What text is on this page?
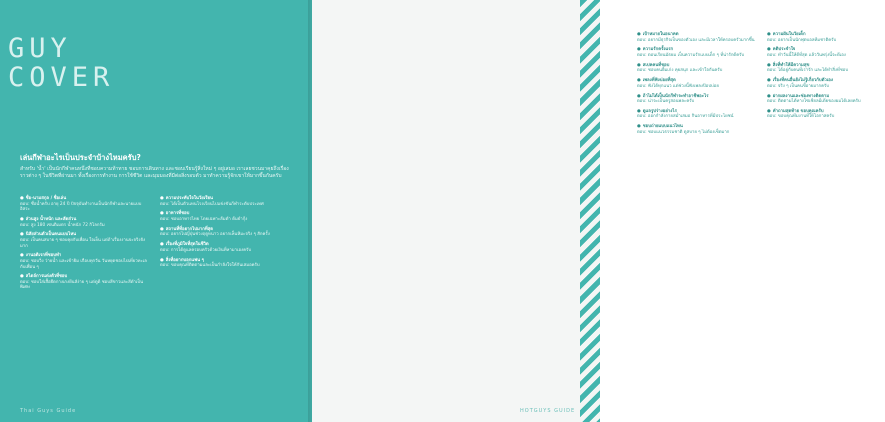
GUY
COVER
เล่นกีฬาอะไรเป็นประจำบ้างไหมครับ?

สำหรับ 'น้ำ' เป็นนักกีฬาคนหนึ่งที่ชอบความท้าทาย ชอบการเดินทาง และชอบเรียนรู้สิ่งใหม่ ๆ อยู่เสมอ เราเลยชวนมาคุยถึงเรื่องราวต่าง ๆ ในชีวิตที่ผ่านมา ทั้งเรื่องการทำงาน การใช้ชีวิต และมุมมองที่มีต่อสิ่งรอบตัว มาทำความรู้จักเขาให้มากขึ้นกันครับ

● ชื่อ-นามสกุล / ชื่อเล่น
ตอบ: ชื่อน้ำครับ อายุ 24 ปี ปัจจุบันทำงานเป็นนักกีฬาและนายแบบอิสระ
● ส่วนสูง น้ำหนัก และสัดส่วน
ตอบ: สูง 180 เซนติเมตร น้ำหนัก 72 กิโลกรัม
● นิสัยส่วนตัวเป็นคนแบบไหน
ตอบ: เป็นคนสบาย ๆ ชอบคุยกับเพื่อน ใจเย็น แต่ถ้าเรื่องงานจะจริงจังมาก
● งานอดิเรกที่ชอบทำ
ตอบ: ชอบวิ่ง ว่ายน้ำ และเข้ายิม เกือบทุกวัน วันหยุดชอบไปเที่ยวทะเลกับเพื่อน ๆ
● สไตล์การแต่งตัวที่ชอบ
ตอบ: ชอบใส่เสื้อยืดกางเกงยีนส์ง่าย ๆ แต่ดูดี ชอบสีขาวและสีดำเป็นพิเศษ
● ความประทับใจในวัยเรียน
ตอบ: ได้เป็นตัวแทนโรงเรียนไปแข่งขันกีฬาระดับประเทศ
● อาหารที่ชอบ
ตอบ: ชอบอาหารไทย โดยเฉพาะส้มตำ ต้มยำกุ้ง
● สถานที่ที่อยากไปมากที่สุด
ตอบ: อยากไปญี่ปุ่นช่วงฤดูหนาว อยากเห็นหิมะจริง ๆ สักครั้ง
● เรื่องที่ภูมิใจที่สุดในชีวิต
ตอบ: การได้ดูแลครอบครัวด้วยเงินที่หามาเองครับ
● สิ่งที่อยากบอกแฟน ๆ
ตอบ: ขอบคุณที่ติดตามและเป็นกำลังใจให้กันเสมอครับ
Thai Guys Guide
● เป้าหมายในอนาคต
ตอบ: อยากมีธุรกิจเป็นของตัวเอง และมีเวลาให้ครอบครัวมากขึ้น
● ความรักครั้งแรก
ตอบ: ตอนเรียนมัธยม เป็นความรักแบบเด็ก ๆ ที่น่ารักดีครับ
● สเปคคนที่ชอบ
ตอบ: ชอบคนยิ้มเก่ง คุยสนุก และเข้าใจกันครับ
● เพลงที่ฟังบ่อยที่สุด
ตอบ: ฟังได้ทุกแนว แต่ช่วงนี้ฟังเพลงป๊อปบ่อย
● ถ้าไม่ได้เป็นนักกีฬาจะทำอาชีพอะไร
ตอบ: น่าจะเป็นครูสอนพละครับ
● ดูแลรูปร่างอย่างไร
ตอบ: ออกกำลังกายสม่ำเสมอ กินอาหารที่มีประโยชน์
● ชอบถ่ายแบบแนวไหน
ตอบ: ชอบแนวธรรมชาติ ดูสบาย ๆ ไม่ต้องเซ็ตมาก
● ความฝันในวัยเด็ก
ตอบ: อยากเป็นนักฟุตบอลทีมชาติครับ
● คติประจำใจ
ตอบ: ทำวันนี้ให้ดีที่สุด แล้ววันพรุ่งนี้จะดีเอง
● สิ่งที่ทำให้มีความสุข
ตอบ: ได้อยู่กับคนที่เรารัก และได้ทำสิ่งที่ชอบ
● เรื่องที่คนอื่นยังไม่รู้เกี่ยวกับตัวเอง
ตอบ: จริง ๆ เป็นคนขี้อายมากครับ
● ฝากผลงานและช่องทางติดตาม
ตอบ: ติดตามได้ทางโซเชียลมีเดียของผมได้เลยครับ
● คำถามสุดท้าย ขอบคุณครับ
ตอบ: ขอบคุณทีมงานที่ให้โอกาสครับ
HOTGUYS GUIDE
